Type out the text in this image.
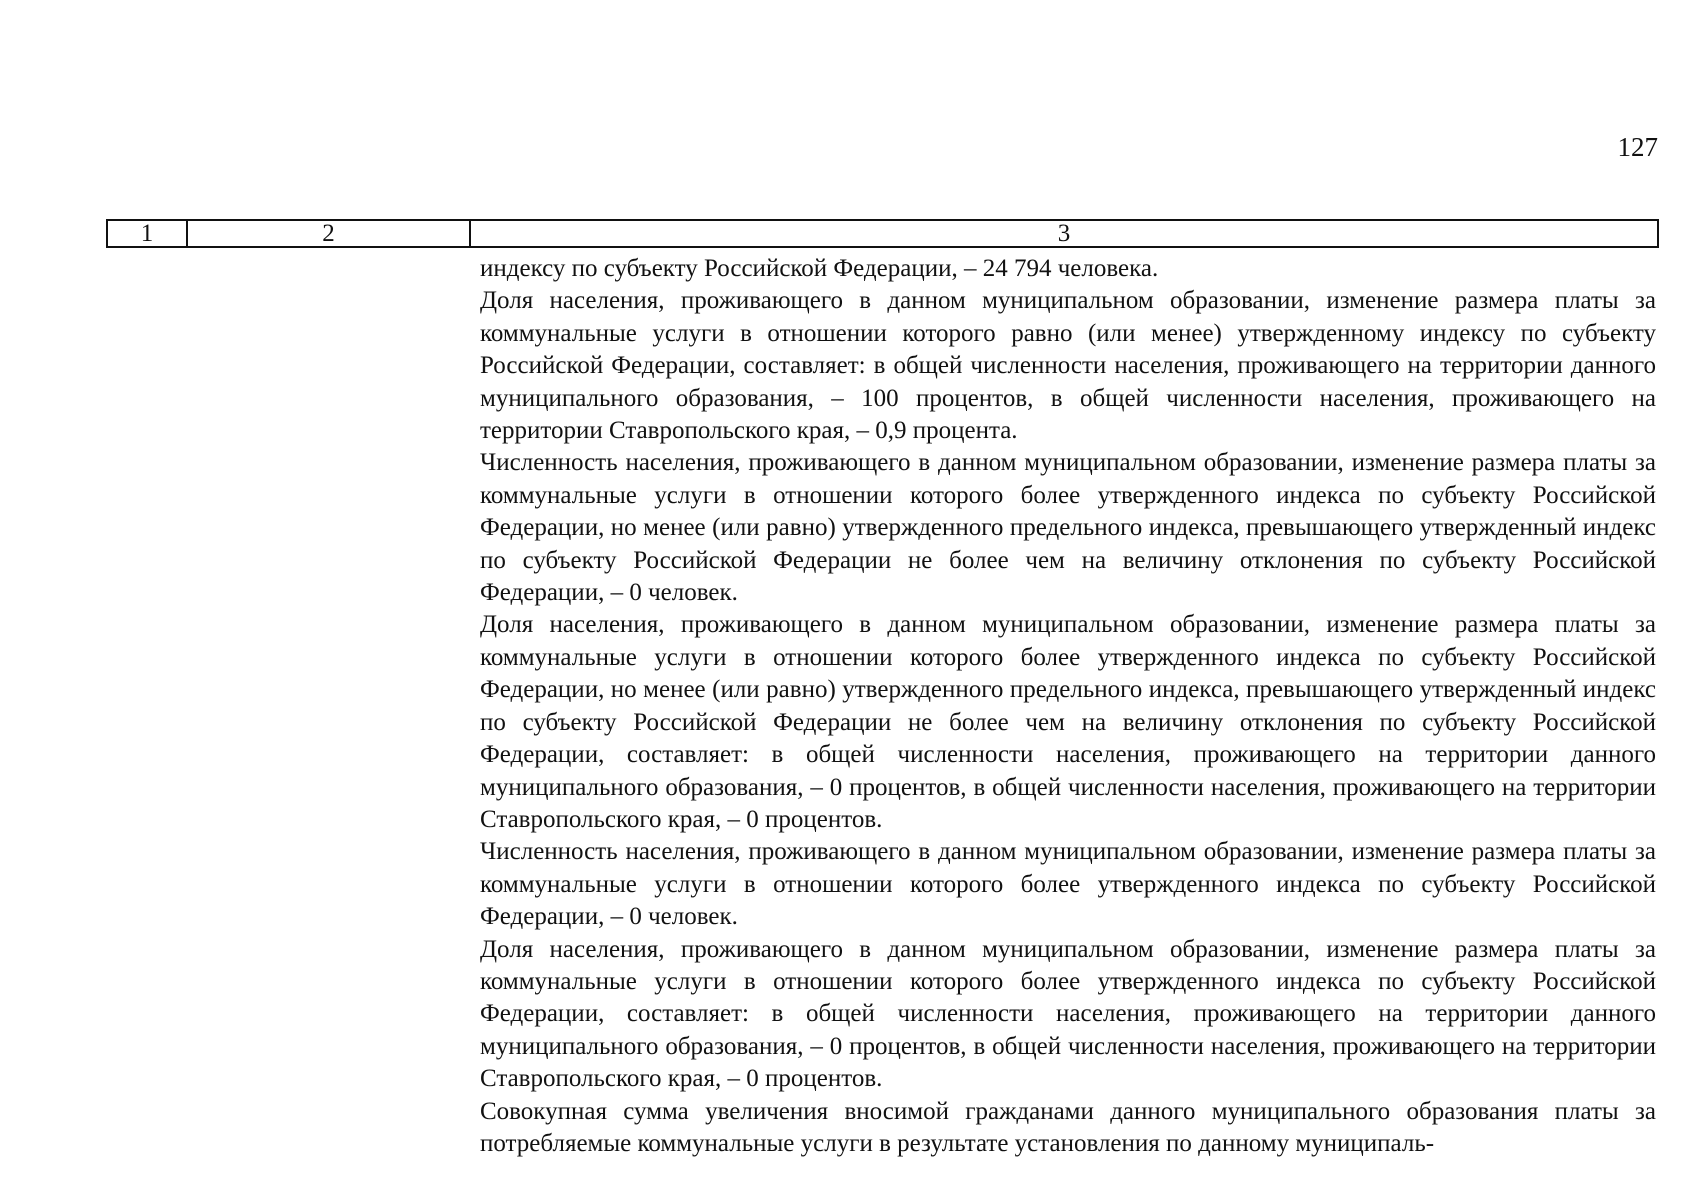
127
1	2	3

индексу по субъекту Российской Федерации, – 24 794 человека.

Доля населения, проживающего в данном муниципальном образовании, изменение размера платы за коммунальные услуги в отношении которого равно (или менее) утвержденному индексу по субъекту Российской Федерации, составляет: в общей численности населения, проживающего на территории данного муниципального образования, – 100 процентов, в общей численности населения, проживающего на территории Ставропольского края, – 0,9 процента.

Численность населения, проживающего в данном муниципальном образовании, изменение размера платы за коммунальные услуги в отношении которого более утвержденного индекса по субъекту Российской Федерации, но менее (или равно) утвержденного предельного индекса, превышающего утвержденный индекс по субъекту Российской Федерации не более чем на величину отклонения по субъекту Российской Федерации, – 0 человек.

Доля населения, проживающего в данном муниципальном образовании, изменение размера платы за коммунальные услуги в отношении которого более утвержденного индекса по субъекту Российской Федерации, но менее (или равно) утвержденного предельного индекса, превышающего утвержденный индекс по субъекту Российской Федерации не более чем на величину отклонения по субъекту Российской Федерации, составляет: в общей численности населения, проживающего на территории данного муниципального образования, – 0 процентов, в общей численности населения, проживающего на территории Ставропольского края, – 0 процентов.

Численность населения, проживающего в данном муниципальном образовании, изменение размера платы за коммунальные услуги в отношении которого более утвержденного индекса по субъекту Российской Федерации, – 0 человек.

Доля населения, проживающего в данном муниципальном образовании, изменение размера платы за коммунальные услуги в отношении которого более утвержденного индекса по субъекту Российской Федерации, составляет: в общей численности населения, проживающего на территории данного муниципального образования, – 0 процентов, в общей численности населения, проживающего на территории Ставропольского края, – 0 процентов.

Совокупная сумма увеличения вносимой гражданами данного муниципального образования платы за потребляемые коммунальные услуги в результате установления по данному муниципаль-
